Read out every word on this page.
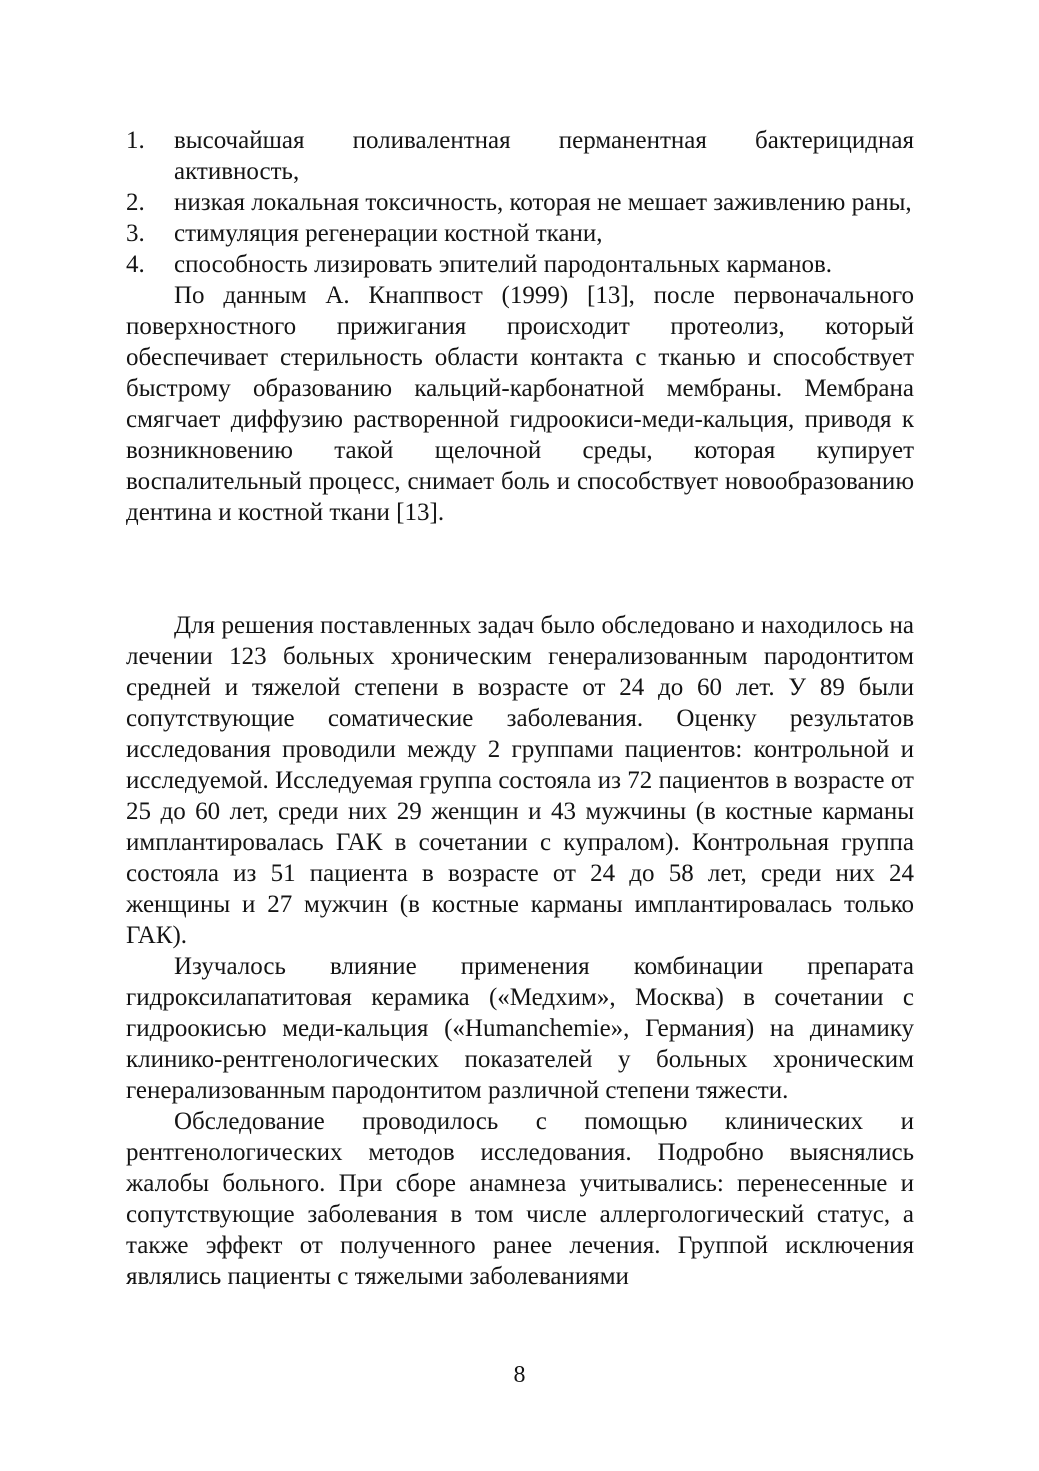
1. высочайшая поливалентная перманентная бактерицидная активность,
2. низкая локальная токсичность, которая не мешает заживлению раны,
3. стимуляция регенерации костной ткани,
4. способность лизировать эпителий пародонтальных карманов.

По данным А. Кнаппвост (1999) [13], после первоначального поверхностного прижигания происходит протеолиз, который обеспечивает стерильность области контакта с тканью и способствует быстрому образованию кальций-карбонатной мембраны. Мембрана смягчает диффузию растворенной гидроокиси-меди-кальция, приводя к возникновению такой щелочной среды, которая купирует воспалительный процесс, снимает боль и способствует новообразованию дентина и костной ткани [13].

Для решения поставленных задач было обследовано и находилось на лечении 123 больных хроническим генерализованным пародонтитом средней и тяжелой степени в возрасте от 24 до 60 лет. У 89 были сопутствующие соматические заболевания. Оценку результатов исследования проводили между 2 группами пациентов: контрольной и исследуемой. Исследуемая группа состояла из 72 пациентов в возрасте от 25 до 60 лет, среди них 29 женщин и 43 мужчины (в костные карманы имплантировалась ГАК в сочетании с купралом). Контрольная группа состояла из 51 пациента в возрасте от 24 до 58 лет, среди них 24 женщины и 27 мужчин (в костные карманы имплантировалась только ГАК).

Изучалось влияние применения комбинации препарата гидроксилапатитовая керамика («Медхим», Москва) в сочетании с гидроокисью меди-кальция («Humanchemie», Германия) на динамику клинико-рентгенологических показателей у больных хроническим генерализованным пародонтитом различной степени тяжести.

Обследование проводилось с помощью клинических и рентгенологических методов исследования. Подробно выяснялись жалобы больного. При сборе анамнеза учитывались: перенесенные и сопутствующие заболевания в том числе аллергологический статус, а также эффект от полученного ранее лечения. Группой исключения являлись пациенты с тяжелыми заболеваниями

8
